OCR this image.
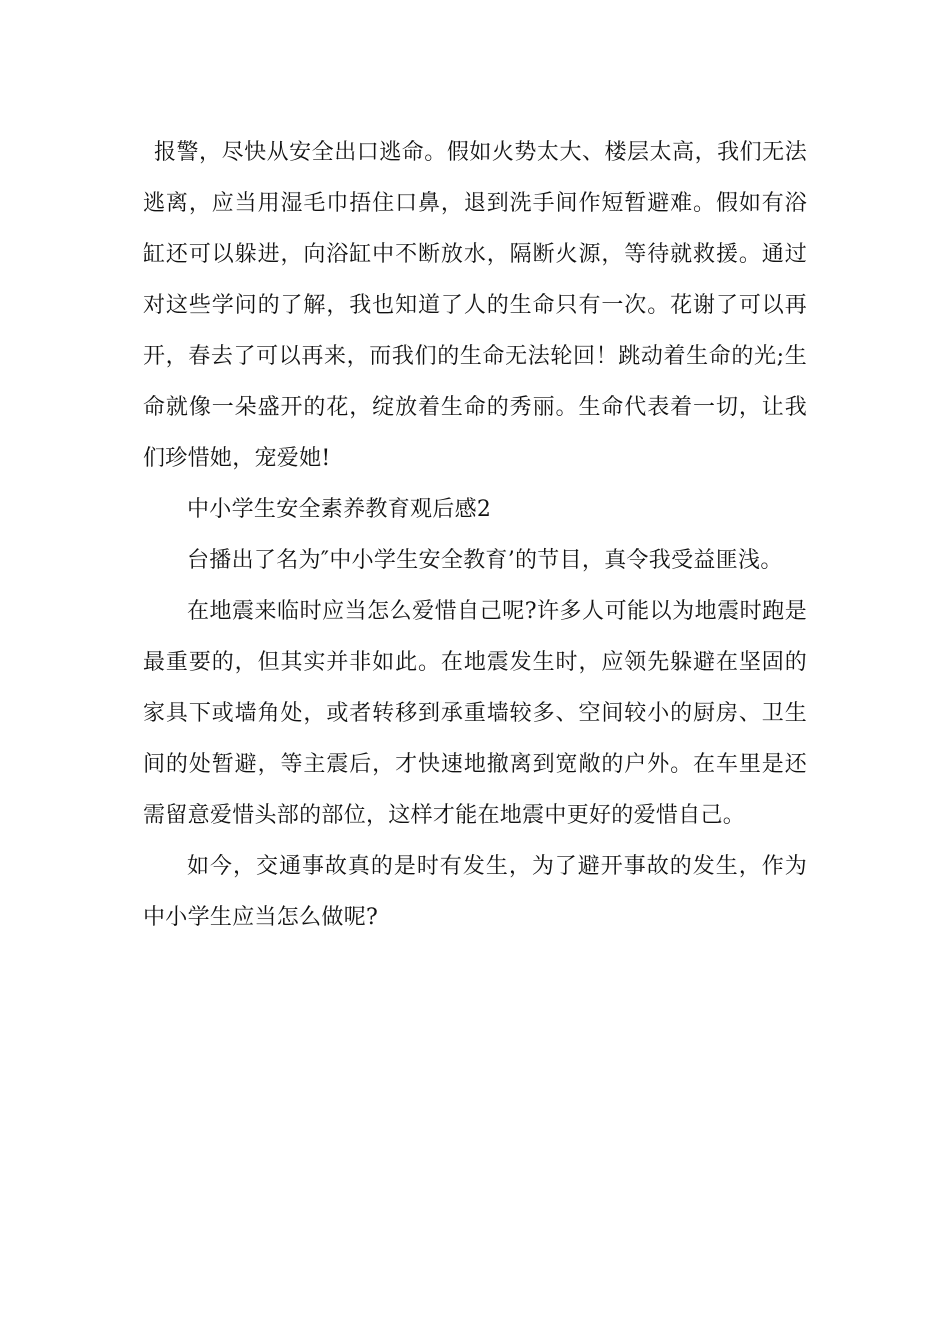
报警，尽快从安全出口逃命。假如火势太大、楼层太高，我们无法逃离，应当用湿毛巾捂住口鼻，退到洗手间作短暂避难。假如有浴缸还可以躲进，向浴缸中不断放水，隔断火源，等待就救援。通过对这些学问的了解，我也知道了人的生命只有一次。花谢了可以再开，春去了可以再来，而我们的生命无法轮回！跳动着生命的光;生命就像一朵盛开的花，绽放着生命的秀丽。生命代表着一切，让我们珍惜她，宠爱她!

中小学生安全素养教育观后感2

台播出了名为″中小学生安全教育’的节目，真令我受益匪浅。

在地震来临时应当怎么爱惜自己呢?许多人可能以为地震时跑是最重要的，但其实并非如此。在地震发生时，应领先躲避在坚固的家具下或墙角处，或者转移到承重墙较多、空间较小的厨房、卫生间的处暂避，等主震后，才快速地撤离到宽敞的户外。在车里是还需留意爱惜头部的部位，这样才能在地震中更好的爱惜自己。

如今，交通事故真的是时有发生，为了避开事故的发生，作为中小学生应当怎么做呢?
